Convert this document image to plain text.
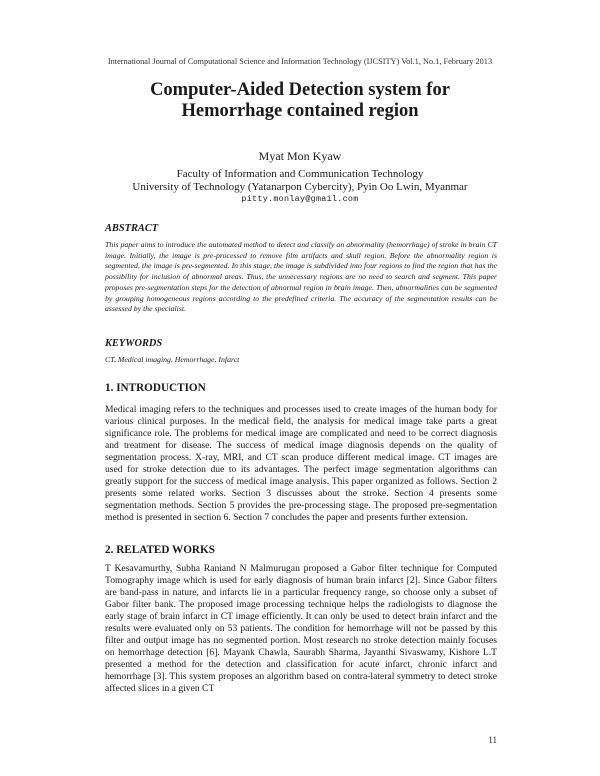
International Journal of Computational Science and Information Technology (IJCSITY) Vol.1, No.1, February 2013
Computer-Aided Detection system for
Hemorrhage contained region
Myat Mon Kyaw
Faculty of Information and Communication Technology
University of Technology (Yatanarpon Cybercity), Pyin Oo Lwin, Myanmar
pitty.monlay@gmail.com
ABSTRACT

This paper aims to introduce the automated method to detect and classify an abnormality (hemorrhage) of stroke in brain CT image. Initially, the image is pre-processed to remove film artifacts and skull region. Before the abnormality region is segmented, the image is pre-segmented. In this stage, the image is subdivided into four regions to find the region that has the possibility for inclusion of abnormal areas. Thus, the unnecessary regions are no need to search and segment. This paper proposes pre-segmentation steps for the detection of abnormal region in brain image. Then, abnormalities can be segmented by grouping homogeneous regions according to the predefined criteria. The accuracy of the segmentation results can be assessed by the specialist.

KEYWORDS
CT, Medical imaging, Hemorrhage, Infarct
1. INTRODUCTION

Medical imaging refers to the techniques and processes used to create images of the human body for various clinical purposes. In the medical field, the analysis for medical image take parts a great significance role. The problems for medical image are complicated and need to be correct diagnosis and treatment for disease. The success of medical image diagnosis depends on the quality of segmentation process. X-ray, MRI, and CT scan produce different medical image. CT images are used for stroke detection due to its advantages. The perfect image segmentation algorithms can greatly support for the success of medical image analysis. This paper organized as follows. Section 2 presents some related works. Section 3 discusses about the stroke. Section 4 presents some segmentation methods. Section 5 provides the pre-processing stage. The proposed pre-segmentation method is presented in section 6. Section 7 concludes the paper and presents further extension.

2. RELATED WORKS

T Kesavamurthy, Subha Raniand N Malmurugan proposed a Gabor filter technique for Computed Tomography image which is used for early diagnosis of human brain infarct [2]. Since Gabor filters are band-pass in nature, and infarcts lie in a particular frequency range, so choose only a subset of Gabor filter bank. The proposed image processing technique helps the radiologists to diagnose the early stage of brain infarct in CT image efficiently. It can only be used to detect brain infarct and the results were evaluated only on 53 patients. The condition for hemorrhage will not be passed by this filter and output image has no segmented portion. Most research no stroke detection mainly focuses on hemorrhage detection [6]. Mayank Chawla, Saurabh Sharma, Jayanthi Sivaswamy, Kishore L.T presented a method for the detection and classification for acute infarct, chronic infarct and hemorrhage [3]. This system proposes an algorithm based on contra-lateral symmetry to detect stroke affected slices in a given CT

11
